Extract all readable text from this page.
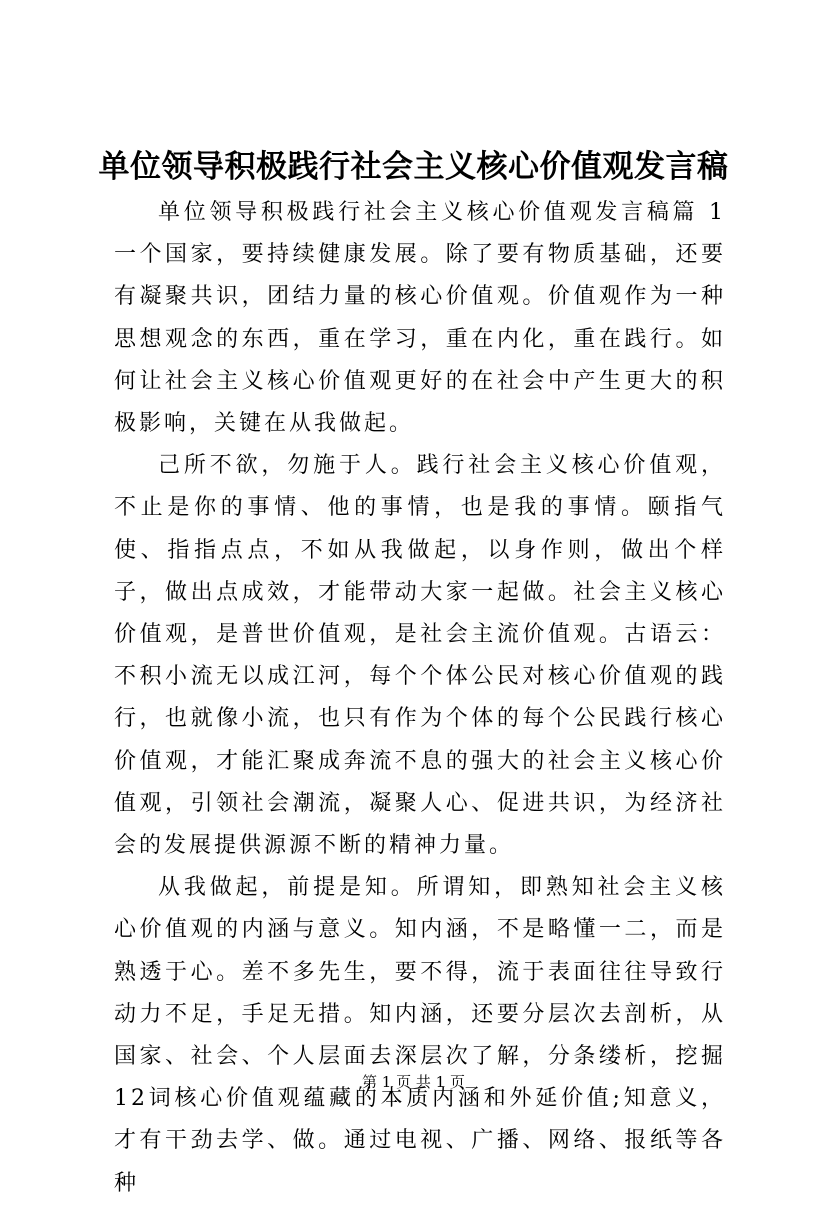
单位领导积极践行社会主义核心价值观发言稿

单位领导积极践行社会主义核心价值观发言稿篇 1 一个国家，要持续健康发展。除了要有物质基础，还要有凝聚共识，团结力量的核心价值观。价值观作为一种思想观念的东西，重在学习，重在内化，重在践行。如何让社会主义核心价值观更好的在社会中产生更大的积极影响，关键在从我做起。

己所不欲，勿施于人。践行社会主义核心价值观，不止是你的事情、他的事情，也是我的事情。颐指气使、指指点点，不如从我做起，以身作则，做出个样子，做出点成效，才能带动大家一起做。社会主义核心价值观，是普世价值观，是社会主流价值观。古语云：不积小流无以成江河，每个个体公民对核心价值观的践行，也就像小流，也只有作为个体的每个公民践行核心价值观，才能汇聚成奔流不息的强大的社会主义核心价值观，引领社会潮流，凝聚人心、促进共识，为经济社会的发展提供源源不断的精神力量。

从我做起，前提是知。所谓知，即熟知社会主义核心价值观的内涵与意义。知内涵，不是略懂一二，而是熟透于心。差不多先生，要不得，流于表面往往导致行动力不足，手足无措。知内涵，还要分层次去剖析，从国家、社会、个人层面去深层次了解，分条缕析，挖掘12词核心价值观蕴藏的本质内涵和外延价值;知意义，才有干劲去学、做。通过电视、广播、网络、报纸等各种

第 1 页 共 1 页
